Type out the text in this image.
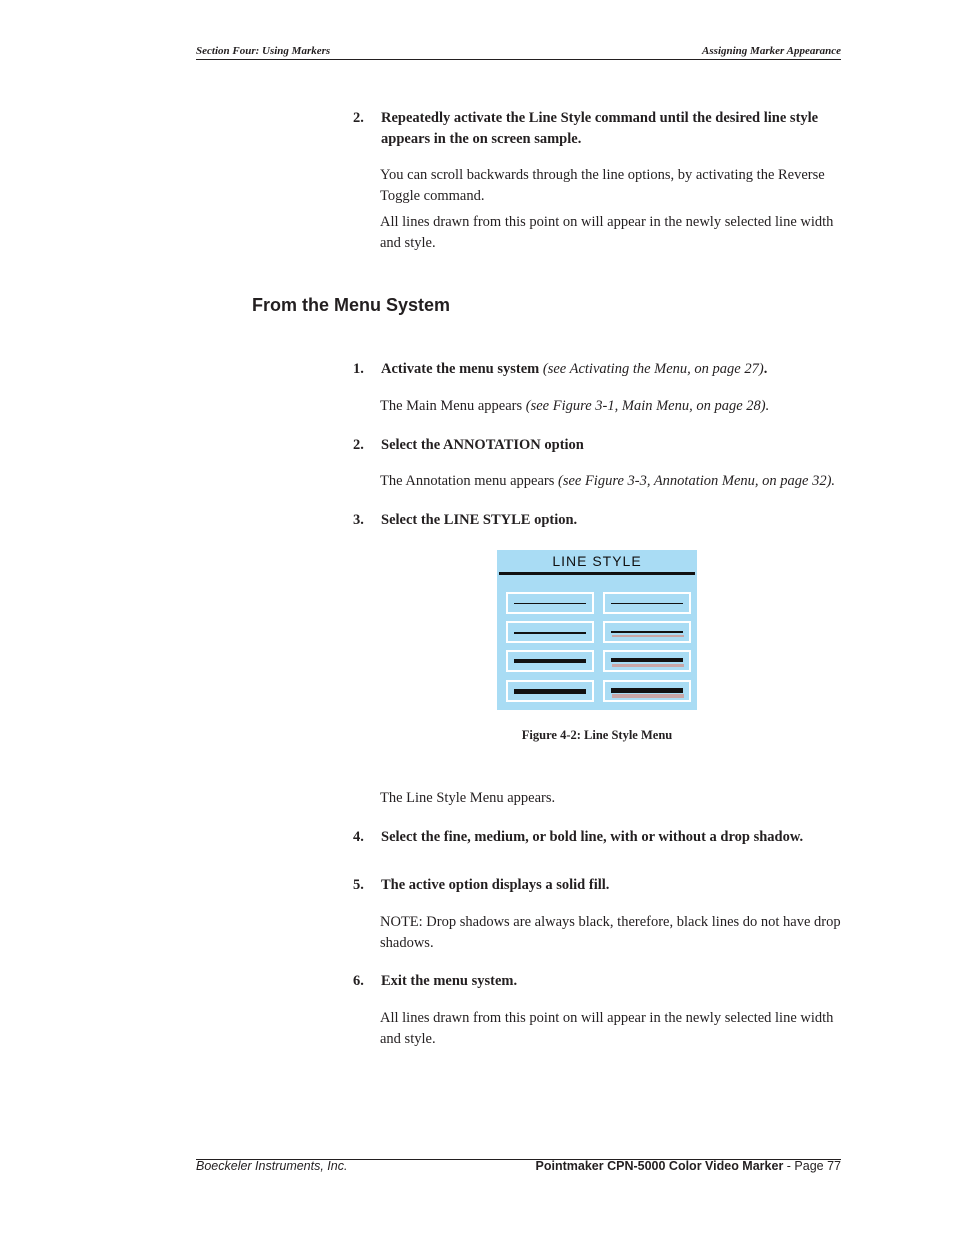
Section Four: Using Markers	Assigning Marker Appearance
2. Repeatedly activate the Line Style command until the desired line style appears in the on screen sample.
You can scroll backwards through the line options, by activating the Reverse Toggle command.
All lines drawn from this point on will appear in the newly selected line width and style.
From the Menu System
1. Activate the menu system (see Activating the Menu, on page 27).
The Main Menu appears (see Figure 3-1, Main Menu, on page 28).
2. Select the ANNOTATION option
The Annotation menu appears (see Figure 3-3, Annotation Menu, on page 32).
3. Select the LINE STYLE option.
LINE STYLE
Figure 4-2: Line Style Menu
The Line Style Menu appears.
4. Select the fine, medium, or bold line, with or without a drop shadow.
5. The active option displays a solid fill.
NOTE: Drop shadows are always black, therefore, black lines do not have drop shadows.
6. Exit the menu system.
All lines drawn from this point on will appear in the newly selected line width and style.
Boeckeler Instruments, Inc.	Pointmaker CPN-5000 Color Video Marker - Page 77
